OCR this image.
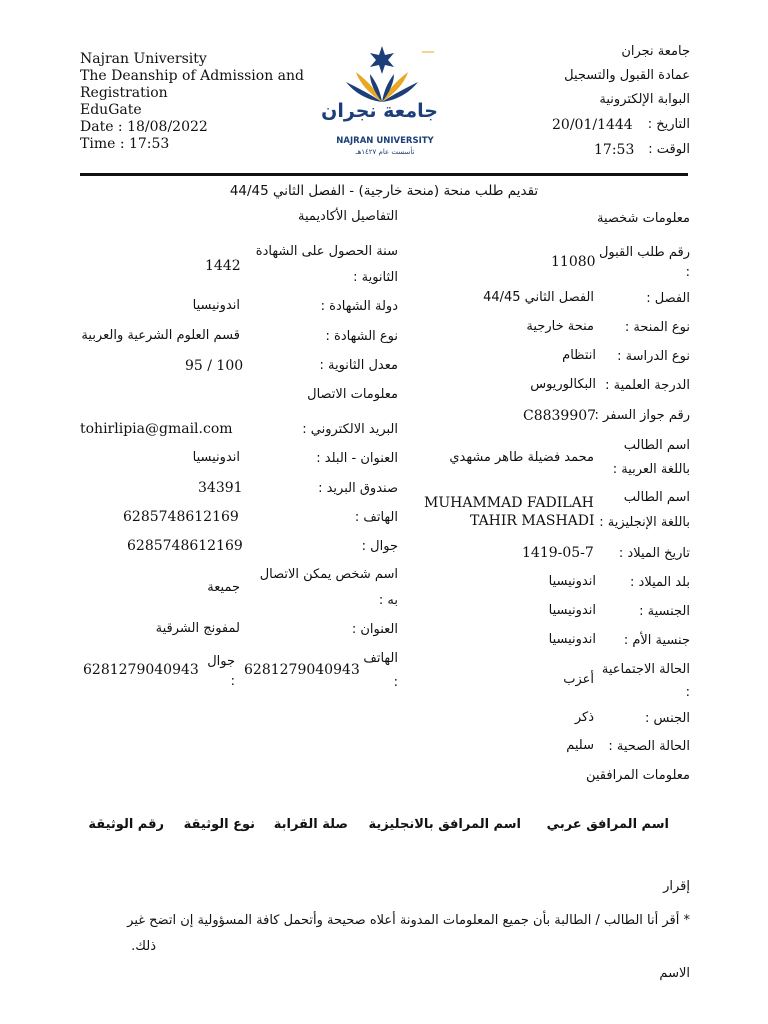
Najran University
The Deanship of Admission and
Registration
EduGate
Date : 18/08/2022
Time : 17:53
جامعة نجران
NAJRAN UNIVERSITY
تأسست عام ١٤٢٧هـ
جامعة نجران
عمادة القبول والتسجيل
البوابة الإلكترونية
التاريخ :
20/01/1444
الوقت :
17:53
تقديم طلب منحة (منحة خارجية) - الفصل الثاني 44/45
معلومات شخصية
التفاصيل الأكاديمية
رقم طلب القبول
:
11080
الفصل :
الفصل الثاني 44/45
نوع المنحة :
منحة خارجية
نوع الدراسة :
انتظام
الدرجة العلمية :
البكالوريوس
رقم جواز السفر :
C8839907
اسم الطالب
باللغة العربية :
محمد فضيلة طاهر مشهدي
اسم الطالب
باللغة الإنجليزية :
MUHAMMAD FADILAH
TAHIR MASHADI
تاريخ الميلاد :
1419-05-7
بلد الميلاد :
اندونيسيا
الجنسية :
اندونيسيا
جنسية الأم :
اندونيسيا
الحالة الاجتماعية
:
أعزب
الجنس :
ذكر
الحالة الصحية :
سليم
معلومات المرافقين
سنة الحصول على الشهادة
الثانوية :
1442
دولة الشهادة :
اندونيسيا
نوع الشهادة :
قسم العلوم الشرعية والعربية
معدل الثانوية :
95 / 100
معلومات الاتصال
البريد الالكتروني :
tohirlipia@gmail.com
العنوان - البلد :
اندونيسيا
صندوق البريد :
34391
الهاتف :
6285748612169
جوال :
6285748612169
اسم شخص يمكن الاتصال
به :
جميعة
العنوان :
لمفونج الشرقية
الهاتف
:
6281279040943
جوال
:
6281279040943
اسم المرافق عربي
اسم المرافق بالانجليزية
صلة القرابة
نوع الوثيقة
رقم الوثيقة
إقرار
* أقر أنا الطالب / الطالبة بأن جميع المعلومات المدونة أعلاه صحيحة وأتحمل كافة المسؤولية إن اتضح غير
ذلك.
الاسم
